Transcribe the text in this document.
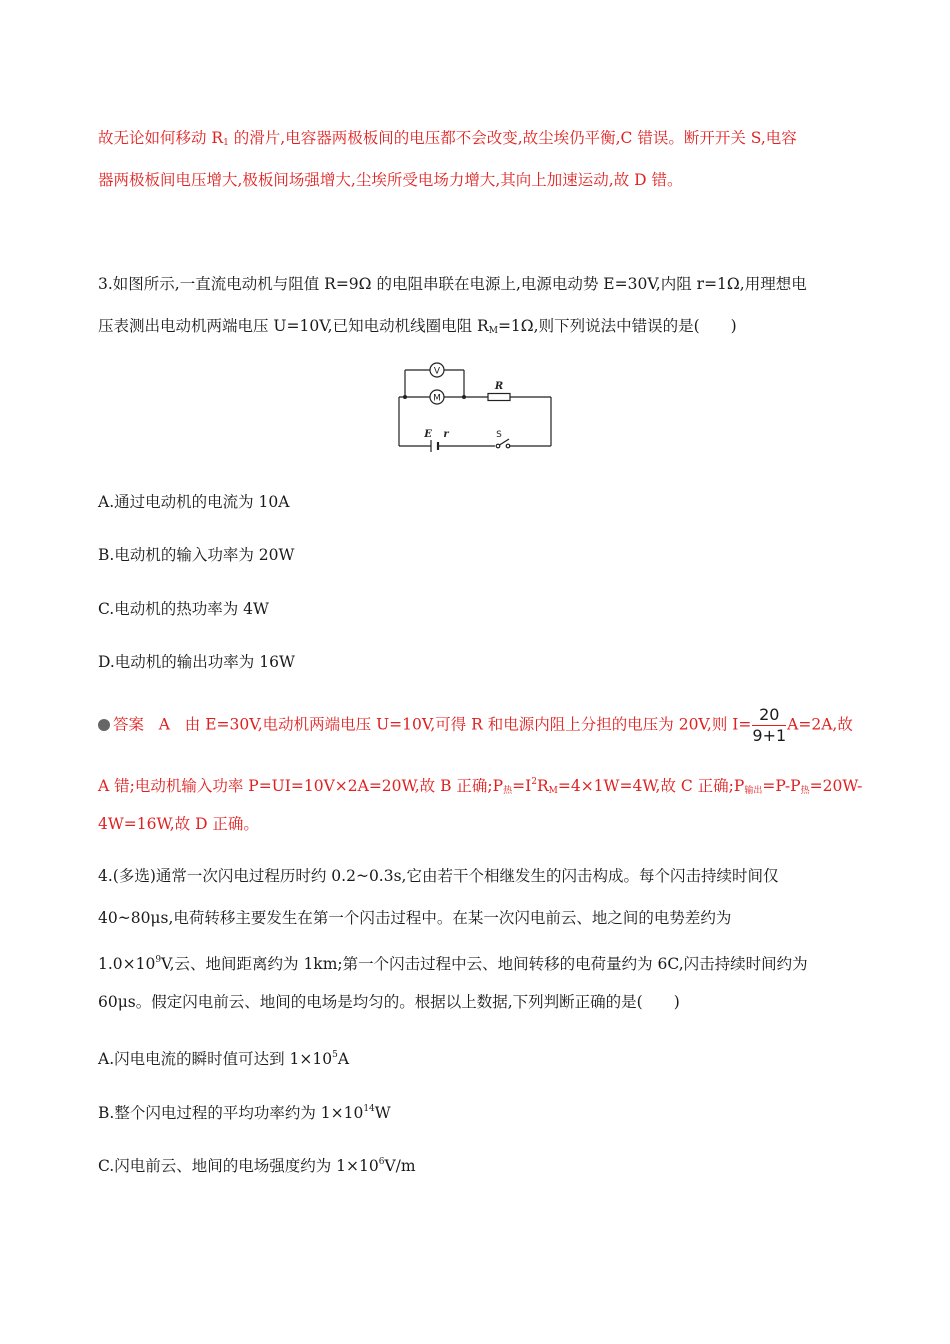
故无论如何移动 $R_1$ 的滑片,电容器两极板间的电压都不会改变,故尘埃仍平衡,C 错误。断开开关 S,电容
器两极板间电压增大,极板间场强增大,尘埃所受电场力增大,其向上加速运动,故 D 错。
3.如图所示,一直流电动机与阻值 R=9Ω 的电阻串联在电源上,电源电动势 E=30V,内阻 r=1Ω,用理想电
压表测出电动机两端电压 U=10V,已知电动机线圈电阻 $R_M=1\Omega$,则下列说法中错误的是(　　)
V
M
R
E r	S
A.通过电动机的电流为 10A
B.电动机的输入功率为 20W
C.电动机的热功率为 4W
D.电动机的输出功率为 16W
答案 A 由 E=30V,电动机两端电压 U=10V,可得 R 和电源内阻上分担的电压为 20V,则 $I= \frac{20}{9+1} A=2A$,故
A 错;电动机输入功率 P=UI=10V×2A=20W,故 B 正确$;P_热=I^2R_M=4\times 1W=4W$,故 C 正确$;P_{输出}=P-P_热=20W-$
4W=16W,故 D 正确。
4.(多选)通常一次闪电过程历时约 0.2~0.3s,它由若干个相继发生的闪击构成。每个闪击持续时间仅
40~80μs,电荷转移主要发生在第一个闪击过程中。在某一次闪电前云、地之间的电势差约为
$1.0\times 10^9V$,云、地间距离约为 1km;第一个闪击过程中云、地间转移的电荷量约为 6C,闪击持续时间约为
60μs。假定闪电前云、地间的电场是均匀的。根据以上数据,下列判断正确的是(　　)
A.闪电电流的瞬时值可达到 $1\times 10^5A$
B.整个闪电过程的平均功率约为 $1\times 10^{14}W$
C.闪电前云、地间的电场强度约为 $1\times 10^6V/m$
